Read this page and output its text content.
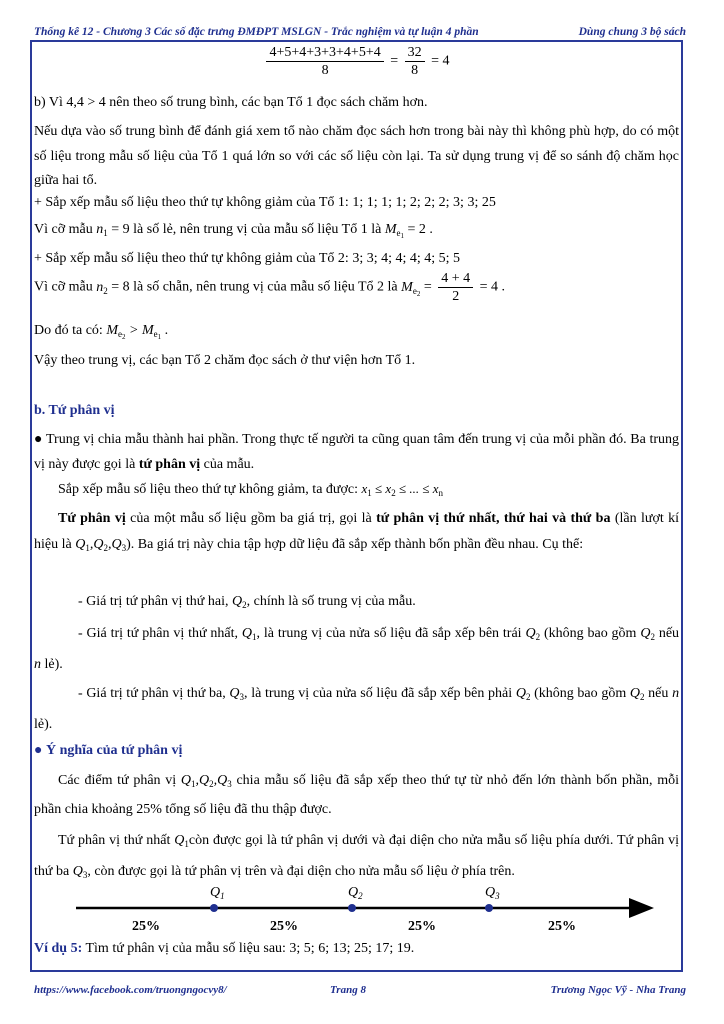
Thống kê 12 - Chương 3 Các số đặc trưng ĐMĐPT MSLGN - Trắc nghiệm và tự luận 4 phần	Dùng chung 3 bộ sách
$\frac{4+5+4+3+3+4+5+4}{8} = \frac{32}{8} = 4$
b) Vì 4,4 > 4 nên theo số trung bình, các bạn Tổ 1 đọc sách chăm hơn.
Nếu dựa vào số trung bình để đánh giá xem tổ nào chăm đọc sách hơn trong bài này thì không phù hợp, do có một số liệu trong mẫu số liệu của Tổ 1 quá lớn so với các số liệu còn lại. Ta sử dụng trung vị để so sánh độ chăm học giữa hai tổ.
+ Sắp xếp mẫu số liệu theo thứ tự không giảm của Tổ 1: 1; 1; 1; 1; 2; 2; 2; 3; 3; 25
Vì cỡ mẫu $n_1 = 9$ là số lẻ, nên trung vị của mẫu số liệu Tổ 1 là $M_{e_1} = 2$ .
+ Sắp xếp mẫu số liệu theo thứ tự không giảm của Tổ 2: 3; 3; 4; 4; 4; 4; 5; 5
Vì cỡ mẫu $n_2 = 8$ là số chẵn, nên trung vị của mẫu số liệu Tổ 2 là $M_{e_2} = \frac{4 + 4}{2} = 4$ .
Do đó ta có: $M_{e_2} > M_{e_1}$ .
Vậy theo trung vị, các bạn Tổ 2 chăm đọc sách ở thư viện hơn Tổ 1.
b. Tứ phân vị
● Trung vị chia mẫu thành hai phần. Trong thực tế người ta cũng quan tâm đến trung vị của mỗi phần đó. Ba trung vị này được gọi là tứ phân vị của mẫu.
Sắp xếp mẫu số liệu theo thứ tự không giảm, ta được: $x_1 \le x_2$ ≤ ... ≤ $x_n$
Tứ phân vị của một mẫu số liệu gồm ba giá trị, gọi là tứ phân vị thứ nhất, thứ hai và thứ ba (lần lượt kí hiệu là $Q_1,Q_2,Q_3$). Ba giá trị này chia tập hợp dữ liệu đã sắp xếp thành bốn phần đều nhau. Cụ thể:
- Giá trị tứ phân vị thứ hai, $Q_2$, chính là số trung vị của mẫu.
- Giá trị tứ phân vị thứ nhất, $Q_1$, là trung vị của nửa số liệu đã sắp xếp bên trái $Q_2$ (không bao gồm $Q_2$ nếu n lẻ).
- Giá trị tứ phân vị thứ ba, $Q_3$, là trung vị của nửa số liệu đã sắp xếp bên phải $Q_2$ (không bao gồm $Q_2$ nếu n lẻ).
● Ý nghĩa của tứ phân vị
Các điểm tứ phân vị $Q_1,Q_2,Q_3$ chia mẫu số liệu đã sắp xếp theo thứ tự từ nhỏ đến lớn thành bốn phần, mỗi phần chia khoảng 25% tổng số liệu đã thu thập được.
Tứ phân vị thứ nhất $Q_1còn$ được gọi là tứ phân vị dưới và đại diện cho nửa mẫu số liệu phía dưới. Tứ phân vị thứ ba $Q_3$, còn được gọi là tứ phân vị trên và đại diện cho nửa mẫu số liệu ở phía trên.
Ví dụ 5: Tìm tứ phân vị của mẫu số liệu sau: 3; 5; 6; 13; 25; 17; 19.
$Q_1$	$Q_2$	$Q_3$
25%	25%	25%	25%
https://www.facebook.com/truongngocvy8/	Trang 8	Trương Ngọc Vỹ - Nha Trang
